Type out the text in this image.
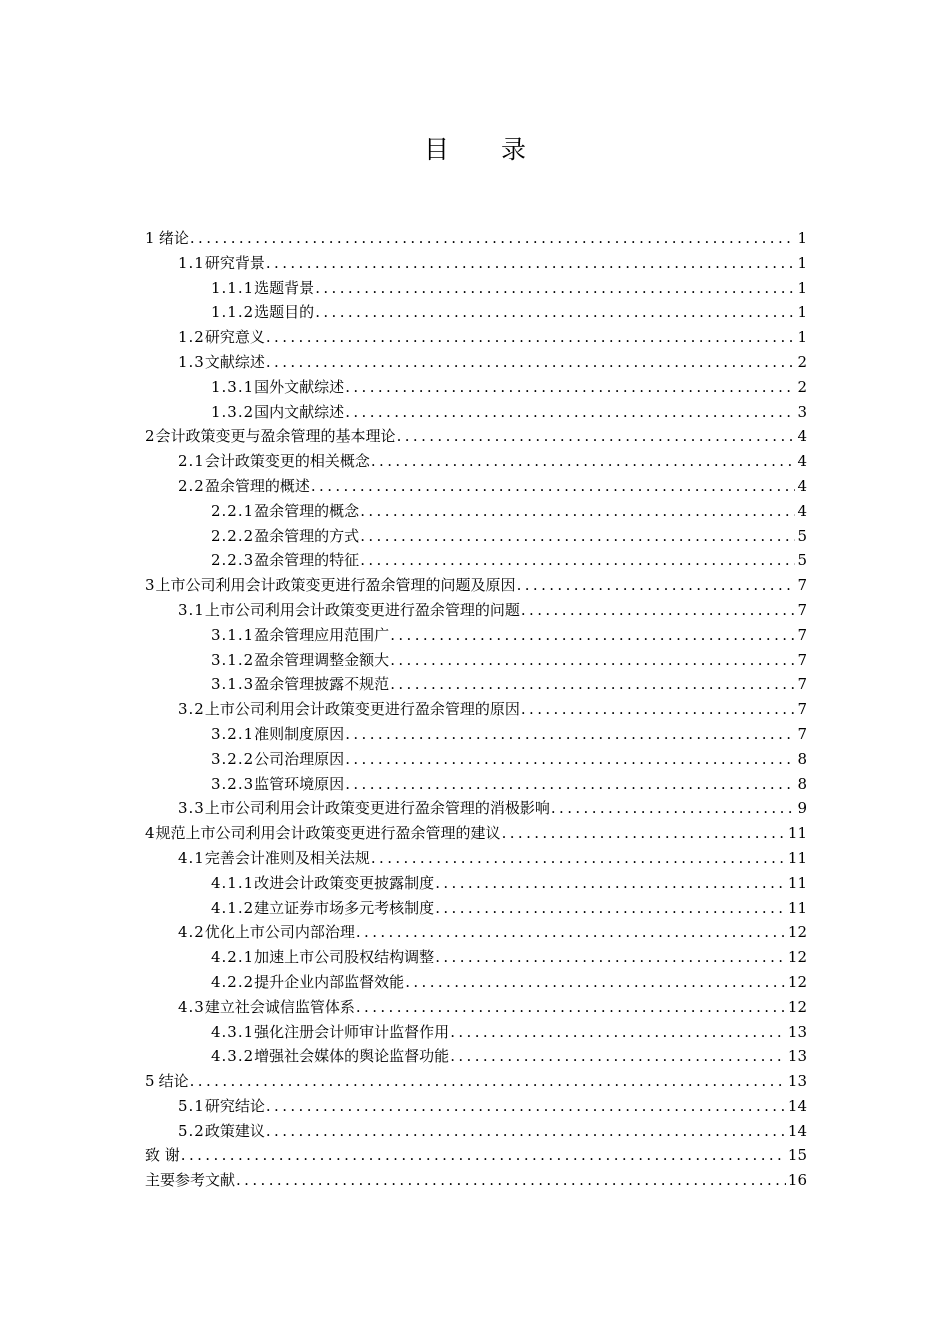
目 录
1 绪论 .....	1
1.1 研究背景 .....	1
1.1.1 选题背景 .....	1
1.1.2 选题目的 .....	1
1.2 研究意义 .....	1
1.3 文献综述 .....	2
1.3.1 国外文献综述 .....	2
1.3.2 国内文献综述 .....	3
2 会计政策变更与盈余管理的基本理论 .....	4
2.1 会计政策变更的相关概念 .....	4
2.2 盈余管理的概述 .....	4
2.2.1 盈余管理的概念 .....	4
2.2.2 盈余管理的方式 .....	5
2.2.3 盈余管理的特征 .....	5
3 上市公司利用会计政策变更进行盈余管理的问题及原因 .....	7
3.1 上市公司利用会计政策变更进行盈余管理的问题 .....	7
3.1.1 盈余管理应用范围广 .....	7
3.1.2 盈余管理调整金额大 .....	7
3.1.3 盈余管理披露不规范 .....	7
3.2 上市公司利用会计政策变更进行盈余管理的原因 .....	7
3.2.1 准则制度原因 .....	7
3.2.2 公司治理原因 .....	8
3.2.3 监管环境原因 .....	8
3.3 上市公司利用会计政策变更进行盈余管理的消极影响 .....	9
4 规范上市公司利用会计政策变更进行盈余管理的建议 .....	11
4.1 完善会计准则及相关法规 .....	11
4.1.1 改进会计政策变更披露制度 .....	11
4.1.2 建立证券市场多元考核制度 .....	11
4.2 优化上市公司内部治理 .....	12
4.2.1 加速上市公司股权结构调整 .....	12
4.2.2 提升企业内部监督效能 .....	12
4.3 建立社会诚信监管体系 .....	12
4.3.1 强化注册会计师审计监督作用 .....	13
4.3.2 增强社会媒体的舆论监督功能 .....	13
5 结论 .....	13
5.1 研究结论 .....	14
5.2 政策建议 .....	14
致 谢 .....	15
主要参考文献 .....	16
